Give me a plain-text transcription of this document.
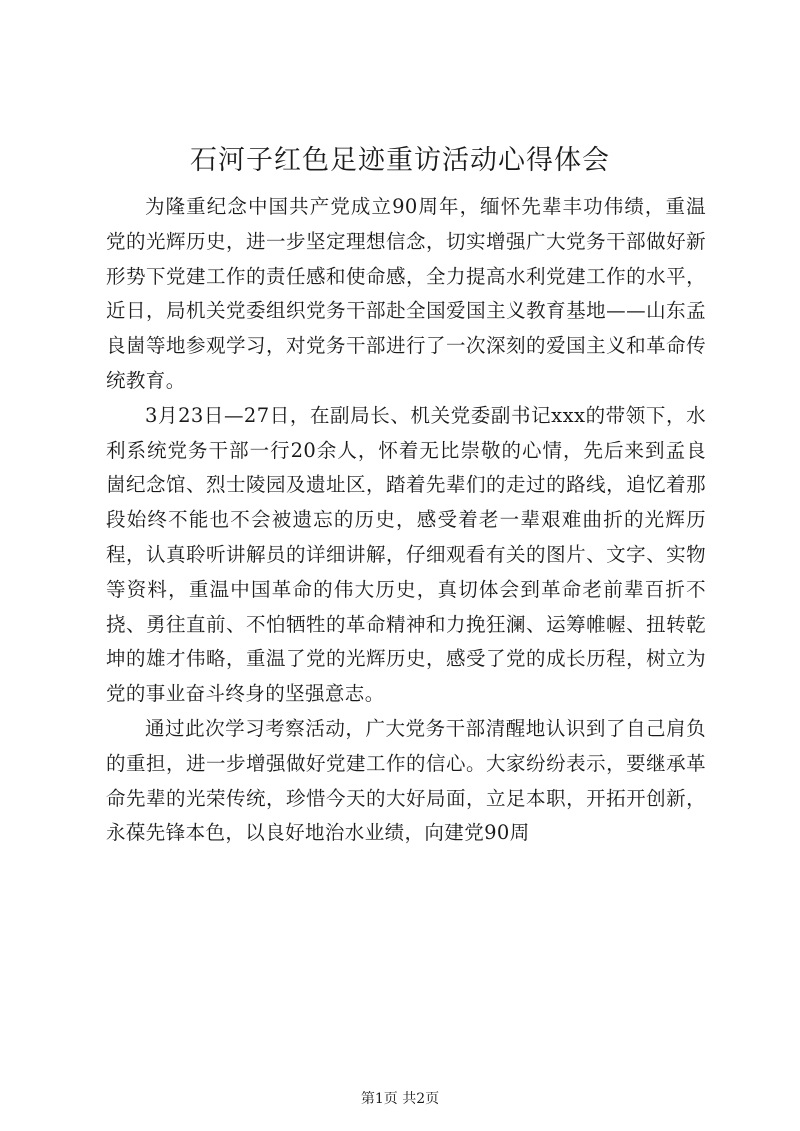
石河子红色足迹重访活动心得体会

为隆重纪念中国共产党成立90周年，缅怀先辈丰功伟绩，重温党的光辉历史，进一步坚定理想信念，切实增强广大党务干部做好新形势下党建工作的责任感和使命感，全力提高水利党建工作的水平，近日，局机关党委组织党务干部赴全国爱国主义教育基地——山东孟良崮等地参观学习，对党务干部进行了一次深刻的爱国主义和革命传统教育。

3月23日—27日，在副局长、机关党委副书记xxx的带领下，水利系统党务干部一行20余人，怀着无比崇敬的心情，先后来到孟良崮纪念馆、烈士陵园及遗址区，踏着先辈们的走过的路线，追忆着那段始终不能也不会被遗忘的历史，感受着老一辈艰难曲折的光辉历程，认真聆听讲解员的详细讲解，仔细观看有关的图片、文字、实物等资料，重温中国革命的伟大历史，真切体会到革命老前辈百折不挠、勇往直前、不怕牺牲的革命精神和力挽狂澜、运筹帷幄、扭转乾坤的雄才伟略，重温了党的光辉历史，感受了党的成长历程，树立为党的事业奋斗终身的坚强意志。

通过此次学习考察活动，广大党务干部清醒地认识到了自己肩负的重担，进一步增强做好党建工作的信心。大家纷纷表示，要继承革命先辈的光荣传统，珍惜今天的大好局面，立足本职，开拓开创新，永葆先锋本色，以良好地治水业绩，向建党90周

第1页 共2页
